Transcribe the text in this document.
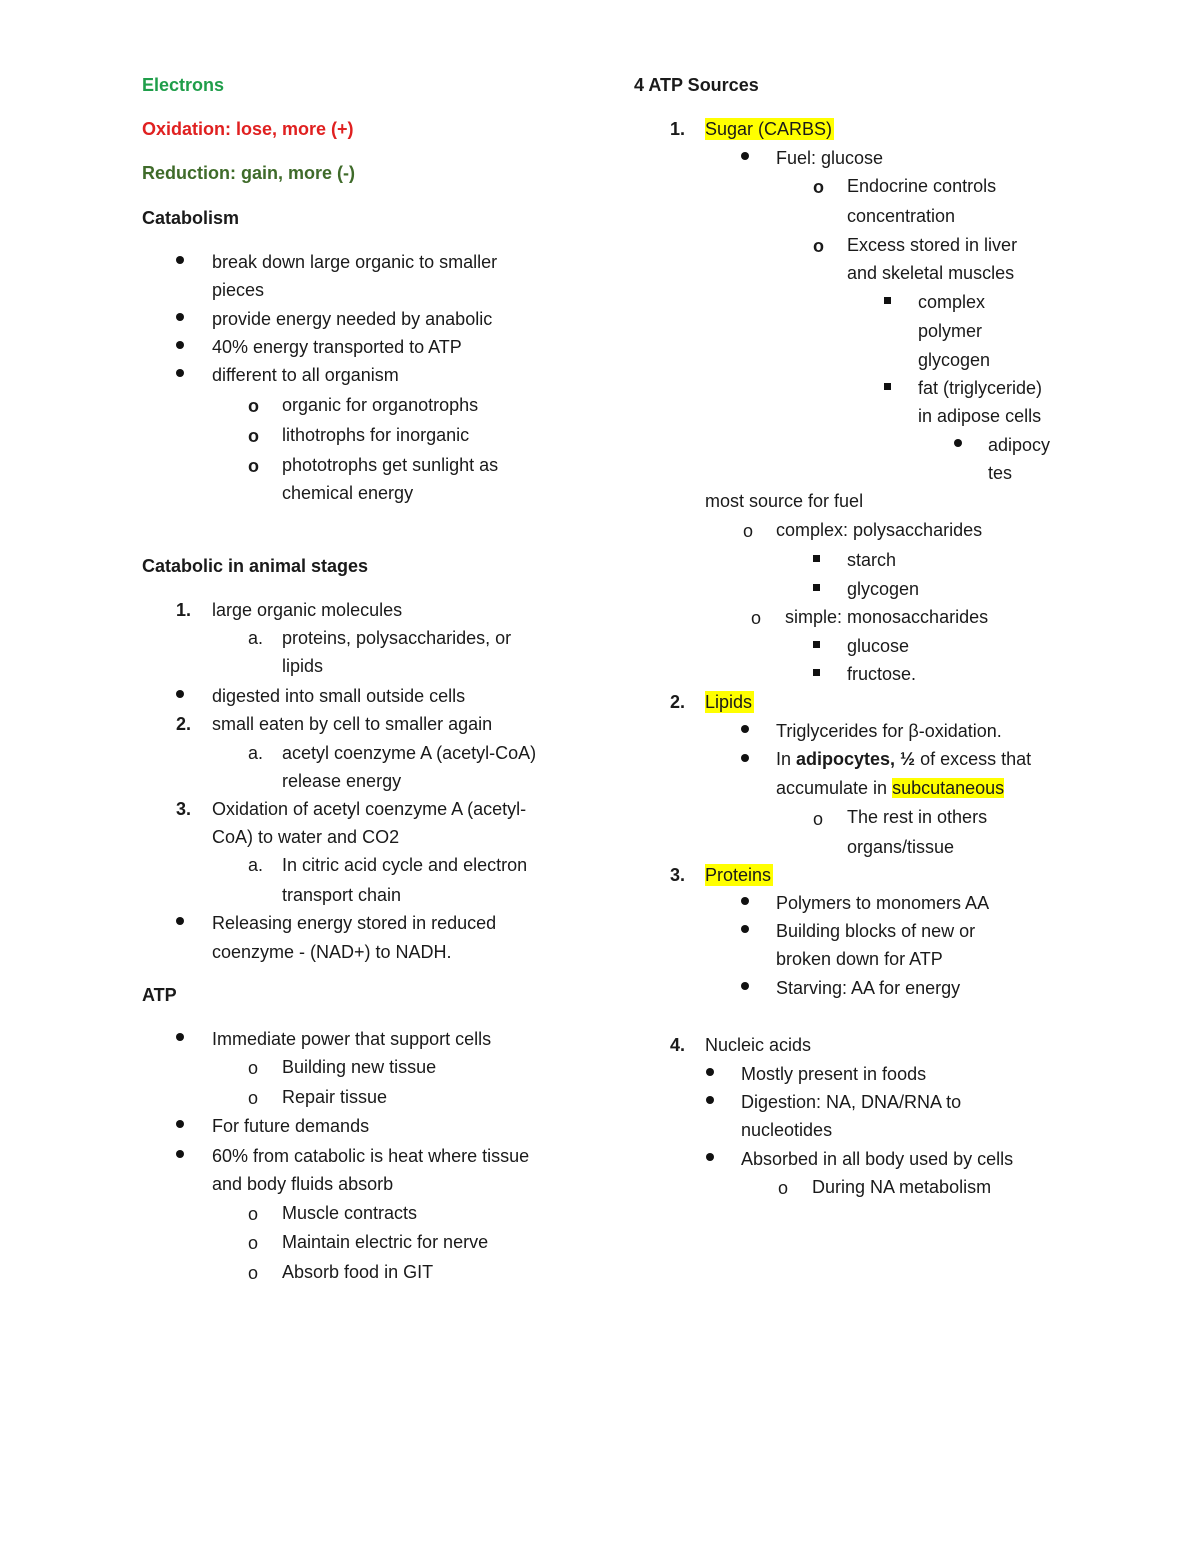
Electrons
Oxidation: lose, more (+)
Reduction: gain, more (-)
Catabolism
break down large organic to smaller
pieces
provide energy needed by anabolic
40% energy transported to ATP
different to all organism
o organic for organotrophs
o lithotrophs for inorganic
o phototrophs get sunlight as
chemical energy
Catabolic in animal stages
1. large organic molecules
a. proteins, polysaccharides, or
lipids
digested into small outside cells
2. small eaten by cell to smaller again
a. acetyl coenzyme A (acetyl-CoA)
release energy
3. Oxidation of acetyl coenzyme A (acetyl-
CoA) to water and CO2
a. In citric acid cycle and electron
transport chain
Releasing energy stored in reduced
coenzyme - (NAD+) to NADH.
ATP
Immediate power that support cells
o Building new tissue
o Repair tissue
For future demands
60% from catabolic is heat where tissue
and body fluids absorb
o Muscle contracts
o Maintain electric for nerve
o Absorb food in GIT
4 ATP Sources
1. Sugar (CARBS)
Fuel: glucose
o Endocrine controls
concentration
o Excess stored in liver
and skeletal muscles
complex
polymer
glycogen
fat (triglyceride)
in adipose cells
adipocy
tes
most source for fuel
o complex: polysaccharides
starch
glycogen
o simple: monosaccharides
glucose
fructose.
2. Lipids
Triglycerides for β-oxidation.
In adipocytes, ½ of excess that
accumulate in subcutaneous
o The rest in others
organs/tissue
3. Proteins
Polymers to monomers AA
Building blocks of new or
broken down for ATP
Starving: AA for energy
4. Nucleic acids
Mostly present in foods
Digestion: NA, DNA/RNA to
nucleotides
Absorbed in all body used by cells
o During NA metabolism
